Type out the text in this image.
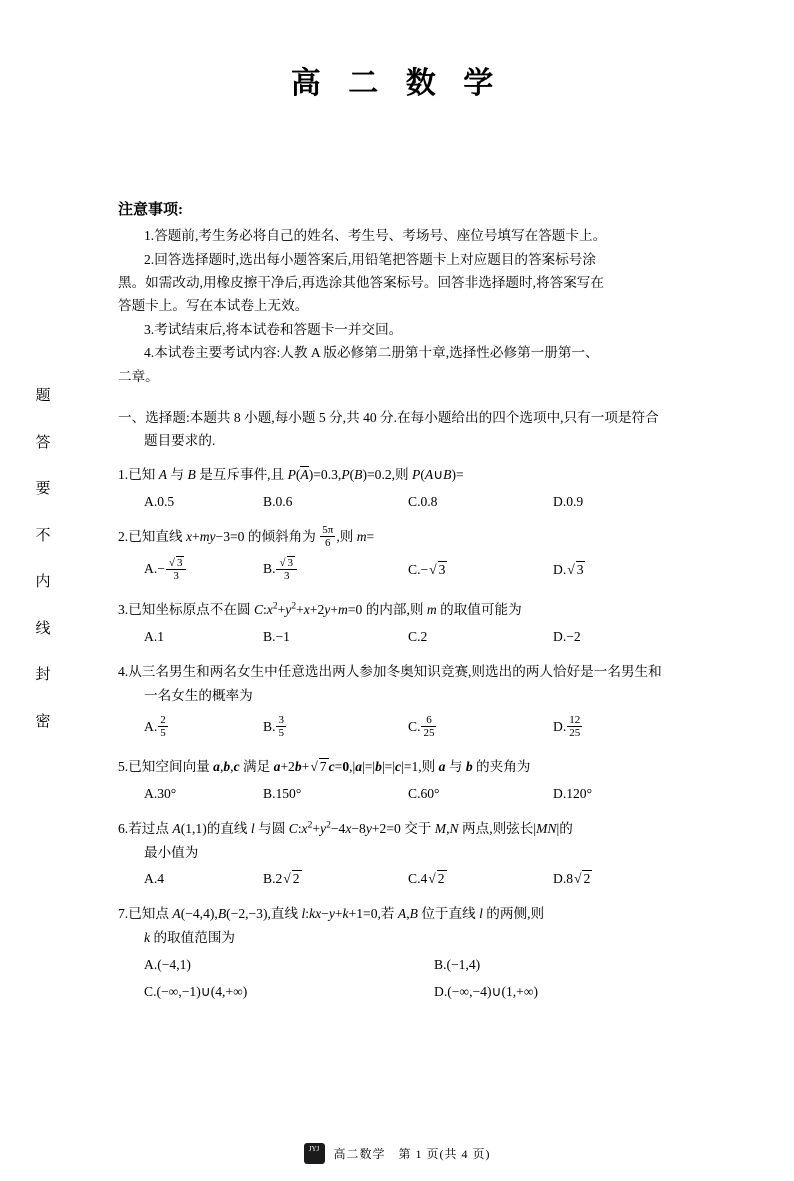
题
答
要
不
内
线
封
密
高 二 数 学
注意事项:

1.答题前,考生务必将自己的姓名、考生号、考场号、座位号填写在答题卡上。

2.回答选择题时,选出每小题答案后,用铅笔把答题卡上对应题目的答案标号涂

黑。如需改动,用橡皮擦干净后,再选涂其他答案标号。回答非选择题时,将答案写在

答题卡上。写在本试卷上无效。

3.考试结束后,将本试卷和答题卡一并交回。

4.本试卷主要考试内容:人教 A 版必修第二册第十章,选择性必修第一册第一、

二章。

一、选择题:本题共 8 小题,每小题 5 分,共 40 分.在每小题给出的四个选项中,只有一项是符合
题目要求的.

1.已知 A 与 B 是互斥事件,且 P(A)=0.3,P(B)=0.2,则 P(A∪B)=

A.0.5	B.0.6	C.0.8	D.0.9

2.已知直线 x+my−3=0 的倾斜角为 $\frac{5\pi}{6}$ ,则 m=

$A.- \frac{√ 3}{3}$	B. $\frac{√ 3}{3}$	C.−√ 3	D.√ 3

3.已知坐标原点不在圆 $C:x^2+y^2+x+2y+m=0$ 的内部,则 m 的取值可能为

A.1	B.−1	C.2	D.−2

4.从三名男生和两名女生中任意选出两人参加冬奥知识竞赛,则选出的两人恰好是一名男生和

一名女生的概率为

A. $\frac{2}{5}$	B. $\frac{3}{5}$	C. $\frac{6}{25}$	D. $\frac{12}{25}$

5.已知空间向量 a,b,c 满足 a+2b+√ 7 c=0,|a|=|b|=|c|=1,则 a 与 b 的夹角为

A.30°	B.150°	C.60°	D.120°

6.若过点 A(1,1)的直线 l 与圆 $C:x^2+y^2-4x-8y+2=0$ 交于 M,N 两点,则弦长|MN|的

最小值为

A.4	B.2√ 2	C.4√ 2	D.8√ 2

7.已知点 A(−4,4),B(−2,−3),直线 l:kx−y+k+1=0,若 A,B 位于直线 l 的两侧,则

k 的取值范围为

A.(−4,1)	B.(−1,4)
C.(−∞,−1)∪(4,+∞)	D.(−∞,−4)∪(1,+∞)
JYJ 高二数学　第 1 页(共 4 页)
